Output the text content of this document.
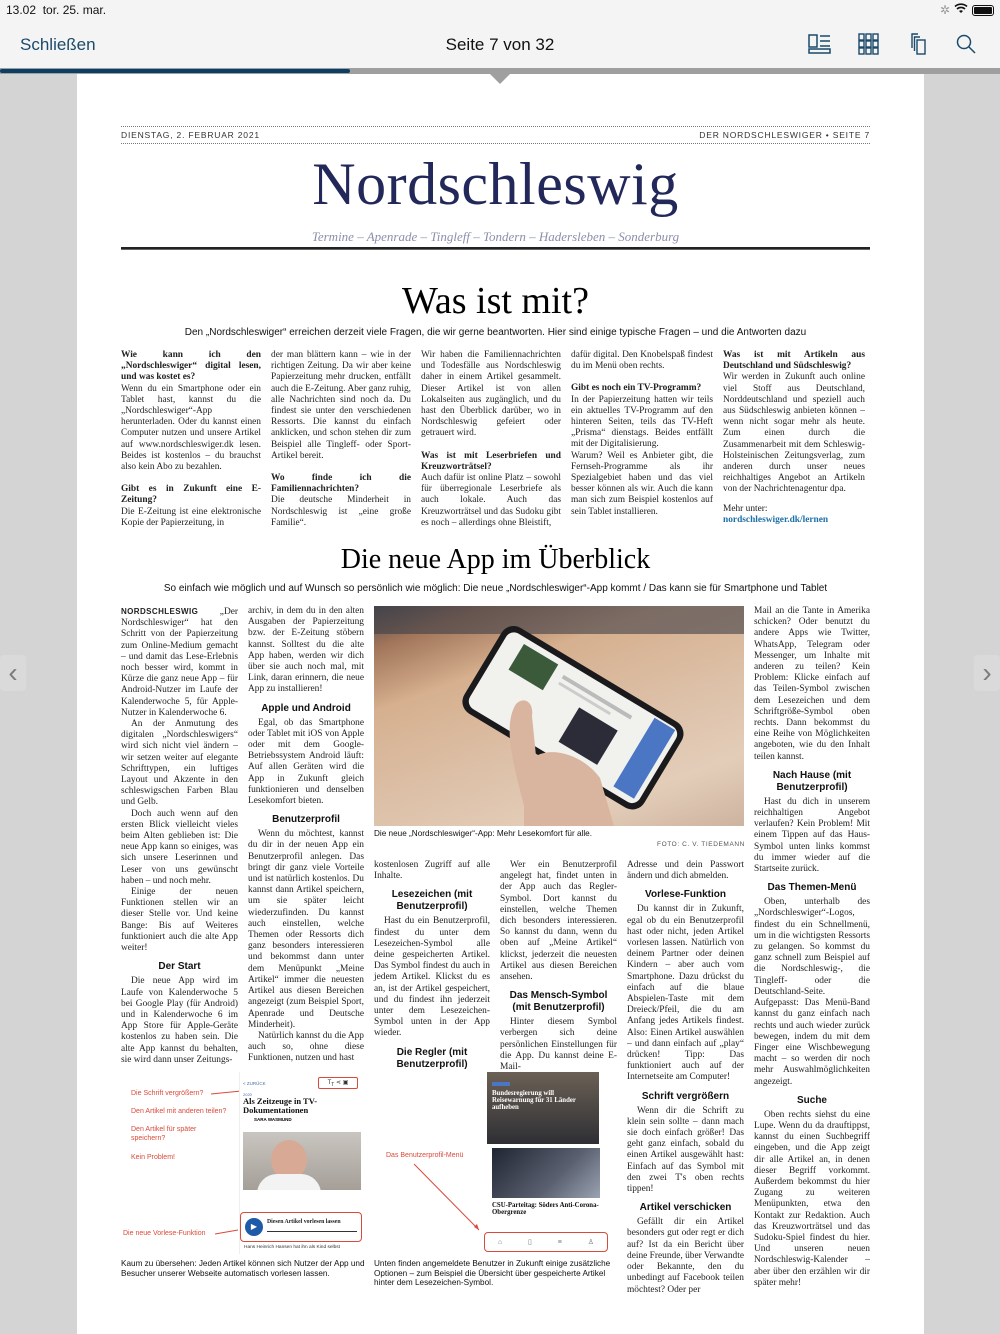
13.02 tor. 25. mar.	✲
Schließen	Seite 7 von 32
DIENSTAG, 2. FEBRUAR 2021	DER NORDSCHLESWIGER • SEITE 7
Nordschleswig
Termine – Apenrade – Tingleff – Tondern – Hadersleben – Sonderburg
Was ist mit?
Den „Nordschleswiger“ erreichen derzeit viele Fragen, die wir gerne beantworten. Hier sind einige typische Fragen – und die Antworten dazu
Wie kann ich den „Nordschleswiger“ digital lesen, und was kostet es?
Wenn du ein Smartphone oder ein Tablet hast, kannst du die „Nordschleswiger“-App herunterladen. Oder du kannst einen Computer nutzen und unsere Artikel auf www.nordschleswiger.dk lesen. Beides ist kostenlos – du brauchst also kein Abo zu bezahlen.
Gibt es in Zukunft eine E-Zeitung?
Die E-Zeitung ist eine elektronische Kopie der Papierzeitung, in
der man blättern kann – wie in der richtigen Zeitung. Da wir aber keine Papierzeitung mehr drucken, entfällt auch die E-Zeitung. Aber ganz ruhig, alle Nachrichten sind noch da. Du findest sie unter den verschiedenen Ressorts. Die kannst du einfach anklicken, und schon stehen dir zum Beispiel alle Tingleff- oder Sport-Artikel bereit.
Wo finde ich die Familiennachrichten?
Die deutsche Minderheit in Nordschleswig ist „eine große Familie“.
Wir haben die Familiennachrichten und Todesfälle aus Nordschleswig daher in einem Artikel gesammelt. Dieser Artikel ist von allen Lokalseiten aus zugänglich, und du hast den Überblick darüber, wo in Nordschleswig gefeiert oder getrauert wird.
Was ist mit Leserbriefen und Kreuzworträtsel?
Auch dafür ist online Platz – sowohl für überregionale Leserbriefe als auch lokale. Auch das Kreuzworträtsel und das Sudoku gibt es noch – allerdings ohne Bleistift,
dafür digital. Den Knobelspaß findest du im Menü oben rechts.
Gibt es noch ein TV-Programm?
In der Papierzeitung hatten wir teils ein aktuelles TV-Programm auf den hinteren Seiten, teils das TV-Heft „Prisma“ dienstags. Beides entfällt mit der Digitalisierung.
Warum? Weil es Anbieter gibt, die Fernseh-Programme als ihr Spezialgebiet haben und das viel besser können als wir. Auch die kann man sich zum Beispiel kostenlos auf sein Tablet installieren.
Was ist mit Artikeln aus Deutschland und Südschleswig?
Wir werden in Zukunft auch online viel Stoff aus Deutschland, Norddeutschland und speziell auch aus Südschleswig anbieten können – wenn nicht sogar mehr als heute. Zum einen durch die Zusammenarbeit mit dem Schleswig-Holsteinischen Zeitungsverlag, zum anderen durch unser neues reichhaltiges Angebot an Artikeln von der Nachrichtenagentur dpa.
Mehr unter:
nordschleswiger.dk/lernen
Die neue App im Überblick
So einfach wie möglich und auf Wunsch so persönlich wie möglich: Die neue „Nordschleswiger“-App kommt / Das kann sie für Smartphone und Tablet
NORDSCHLESWIG „Der Nordschleswiger“ hat den Schritt von der Papierzeitung zum Online-Medium gemacht – und damit das Lese-Erlebnis noch besser wird, kommt in Kürze die ganz neue App – für Android-Nutzer im Laufe der Kalenderwoche 5, für Apple-Nutzer in Kalenderwoche 6.
An der Anmutung des digitalen „Nordschleswigers“ wird sich nicht viel ändern – wir setzen weiter auf elegante Schrifttypen, ein luftiges Layout und Akzente in den schleswigschen Farben Blau und Gelb.
Doch auch wenn auf den ersten Blick vielleicht vieles beim Alten geblieben ist: Die neue App kann so einiges, was sich unsere Leserinnen und Leser von uns gewünscht haben – und noch mehr.
Einige der neuen Funktionen stellen wir an dieser Stelle vor. Und keine Bange: Bis auf Weiteres funktioniert auch die alte App weiter!
Der Start
Die neue App wird im Laufe von Kalenderwoche 5 bei Google Play (für Android) und in Kalenderwoche 6 im App Store für Apple-Geräte kostenlos zu haben sein. Die alte App kannst du behalten, sie wird dann unser Zeitungs-
archiv, in dem du in den alten Ausgaben der Papierzeitung bzw. der E-Zeitung stöbern kannst. Solltest du die alte App haben, werden wir dich über sie auch noch mal, mit Link, daran erinnern, die neue App zu installieren!
Apple und Android
Egal, ob das Smartphone oder Tablet mit iOS von Apple oder mit dem Google-Betriebssystem Android läuft: Auf allen Geräten wird die App in Zukunft gleich funktionieren und denselben Lesekomfort bieten.
Benutzerprofil
Wenn du möchtest, kannst du dir in der neuen App ein Benutzerprofil anlegen. Das bringt dir ganz viele Vorteile und ist natürlich kostenlos. Du kannst dann Artikel speichern, um sie später leicht wiederzufinden. Du kannst auch einstellen, welche Themen oder Ressorts dich ganz besonders interessieren und bekommst dann unter dem Menüpunkt „Meine Artikel“ immer die neuesten Artikel aus diesen Bereichen angezeigt (zum Beispiel Sport, Apenrade und Deutsche Minderheit).
Natürlich kannst du die App auch so, ohne diese Funktionen, nutzen und hast
Die neue „Nordschleswiger“-App: Mehr Lesekomfort für alle.
FOTO: C. V. TIEDEMANN
kostenlosen Zugriff auf alle Inhalte.
Lesezeichen (mit Benutzerprofil)
Hast du ein Benutzerprofil, findest du unter dem Lesezeichen-Symbol alle deine gespeicherten Artikel. Das Symbol findest du auch in jedem Artikel. Klickst du es an, ist der Artikel gespeichert, und du findest ihn jederzeit unter dem Lesezeichen-Symbol unten in der App wieder.
Die Regler (mit Benutzerprofil)
Wer ein Benutzerprofil angelegt hat, findet unten in der App auch das Regler-Symbol. Dort kannst du einstellen, welche Themen dich besonders interessieren. So kannst du dann, wenn du oben auf „Meine Artikel“ klickst, jederzeit die neuesten Artikel aus diesen Bereichen ansehen.
Das Mensch-Symbol (mit Benutzerprofil)
Hinter diesem Symbol verbergen sich deine persönlichen Einstellungen für die App. Du kannst deine E-Mail-
Adresse und dein Passwort ändern und dich abmelden.
Vorlese-Funktion
Du kannst dir in Zukunft, egal ob du ein Benutzerprofil hast oder nicht, jeden Artikel vorlesen lassen. Natürlich von deinem Partner oder deinen Kindern – aber auch vom Smartphone. Dazu drückst du einfach auf die blaue Abspielen-Taste mit dem Dreieck/Pfeil, die du am Anfang jedes Artikels findest. Also: Einen Artikel auswählen – und dann einfach auf „play“ drücken! Tipp: Das funktioniert auch auf der Internetseite am Computer!
Schrift vergrößern
Wenn dir die Schrift zu klein sein sollte – dann mach sie doch einfach größer! Das geht ganz einfach, sobald du einen Artikel ausgewählt hast: Einfach auf das Symbol mit den zwei T's oben rechts tippen!
Artikel verschicken
Gefällt dir ein Artikel besonders gut oder regt er dich auf? Ist da ein Bericht über deine Freunde, über Verwandte oder Bekannte, den du unbedingt auf Facebook teilen möchtest? Oder per
Mail an die Tante in Amerika schicken? Oder benutzt du andere Apps wie Twitter, WhatsApp, Telegram oder Messenger, um Inhalte mit anderen zu teilen? Kein Problem: Klicke einfach auf das Teilen-Symbol zwischen dem Lesezeichen und dem Schriftgröße-Symbol oben rechts. Dann bekommst du eine Reihe von Möglichkeiten angeboten, wie du den Inhalt teilen kannst.
Nach Hause (mit Benutzerprofil)
Hast du dich in unserem reichhaltigen Angebot verlaufen? Kein Problem! Mit einem Tippen auf das Haus-Symbol unten links kommst du immer wieder auf die Startseite zurück.
Das Themen-Menü
Oben, unterhalb des „Nordschleswiger“-Logos, findest du ein Schnellmenü, um in die wichtigsten Ressorts zu gelangen. So kommst du ganz schnell zum Beispiel auf die Nordschleswig-, die Tingleff- oder die Deutschland-Seite. Aufgepasst: Das Menü-Band kannst du ganz einfach nach rechts und auch wieder zurück bewegen, indem du mit dem Finger eine Wischbewegung macht – so werden dir noch mehr Auswahlmöglichkeiten angezeigt.
Suche
Oben rechts siehst du eine Lupe. Wenn du da drauftippst, kannst du einen Suchbegriff eingeben, und die App zeigt dir alle Artikel an, in denen dieser Begriff vorkommt. Außerdem bekommst du hier Zugang zu weiteren Menüpunkten, etwa den Kontakt zur Redaktion. Auch das Kreuzworträtsel und das Sudoku-Spiel findest du hier. Und unseren neuen Nordschleswig-Kalender – aber über den erzählen wir dir später mehr!
Die Schrift vergrößern?
Den Artikel mit anderen teilen?
Den Artikel für später speichern?
Kein Problem!
Die neue Vorlese-Funktion
< ZURÜCK	$T_T$ ⋖ ▣
2020
Als Zeitzeuge in TV-Dokumentationen
SARA WASMUND
▶	Diesen Artikel vorlesen lassen
Hans Heinrich Hansen hat ihn als Kind selbst
Kaum zu übersehen: Jeden Artikel können sich Nutzer der App und Besucher unserer Webseite automatisch vorlesen lassen.
Bundesregierung will Reisewarnung für 31 Länder aufheben
CSU-Parteitag: Söders Anti-Corona-Obergrenze
Das Benutzerprofil-Menü
⌂	▯	≡	♙
Unten finden angemeldete Benutzer in Zukunft einige zusätzliche Optionen – zum Beispiel die Übersicht über gespeicherte Artikel hinter dem Lesezeichen-Symbol.
‹	›
